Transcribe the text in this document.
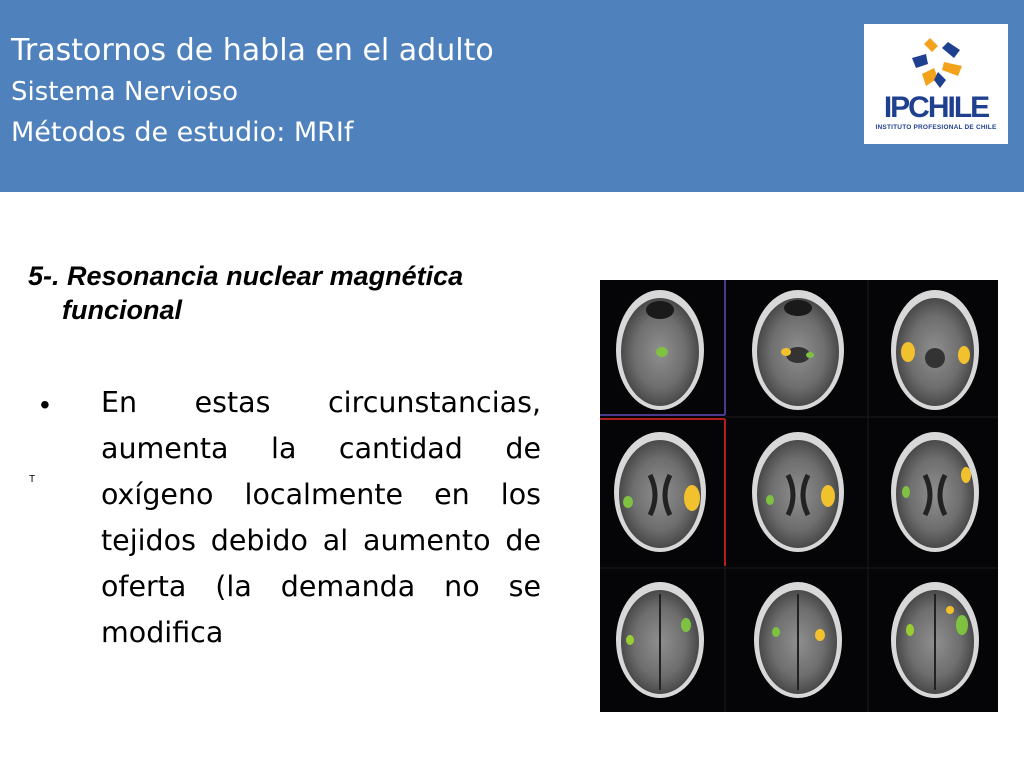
Trastornos de habla en el adulto
Sistema Nervioso
Métodos de estudio: MRIf
IPCHILE
INSTITUTO PROFESIONAL DE CHILE
5-. Resonancia nuclear magnética
funcional
• En estas circunstancias, aumenta la cantidad de oxígeno localmente en los tejidos debido al aumento de oferta (la demanda no se modifica
T
